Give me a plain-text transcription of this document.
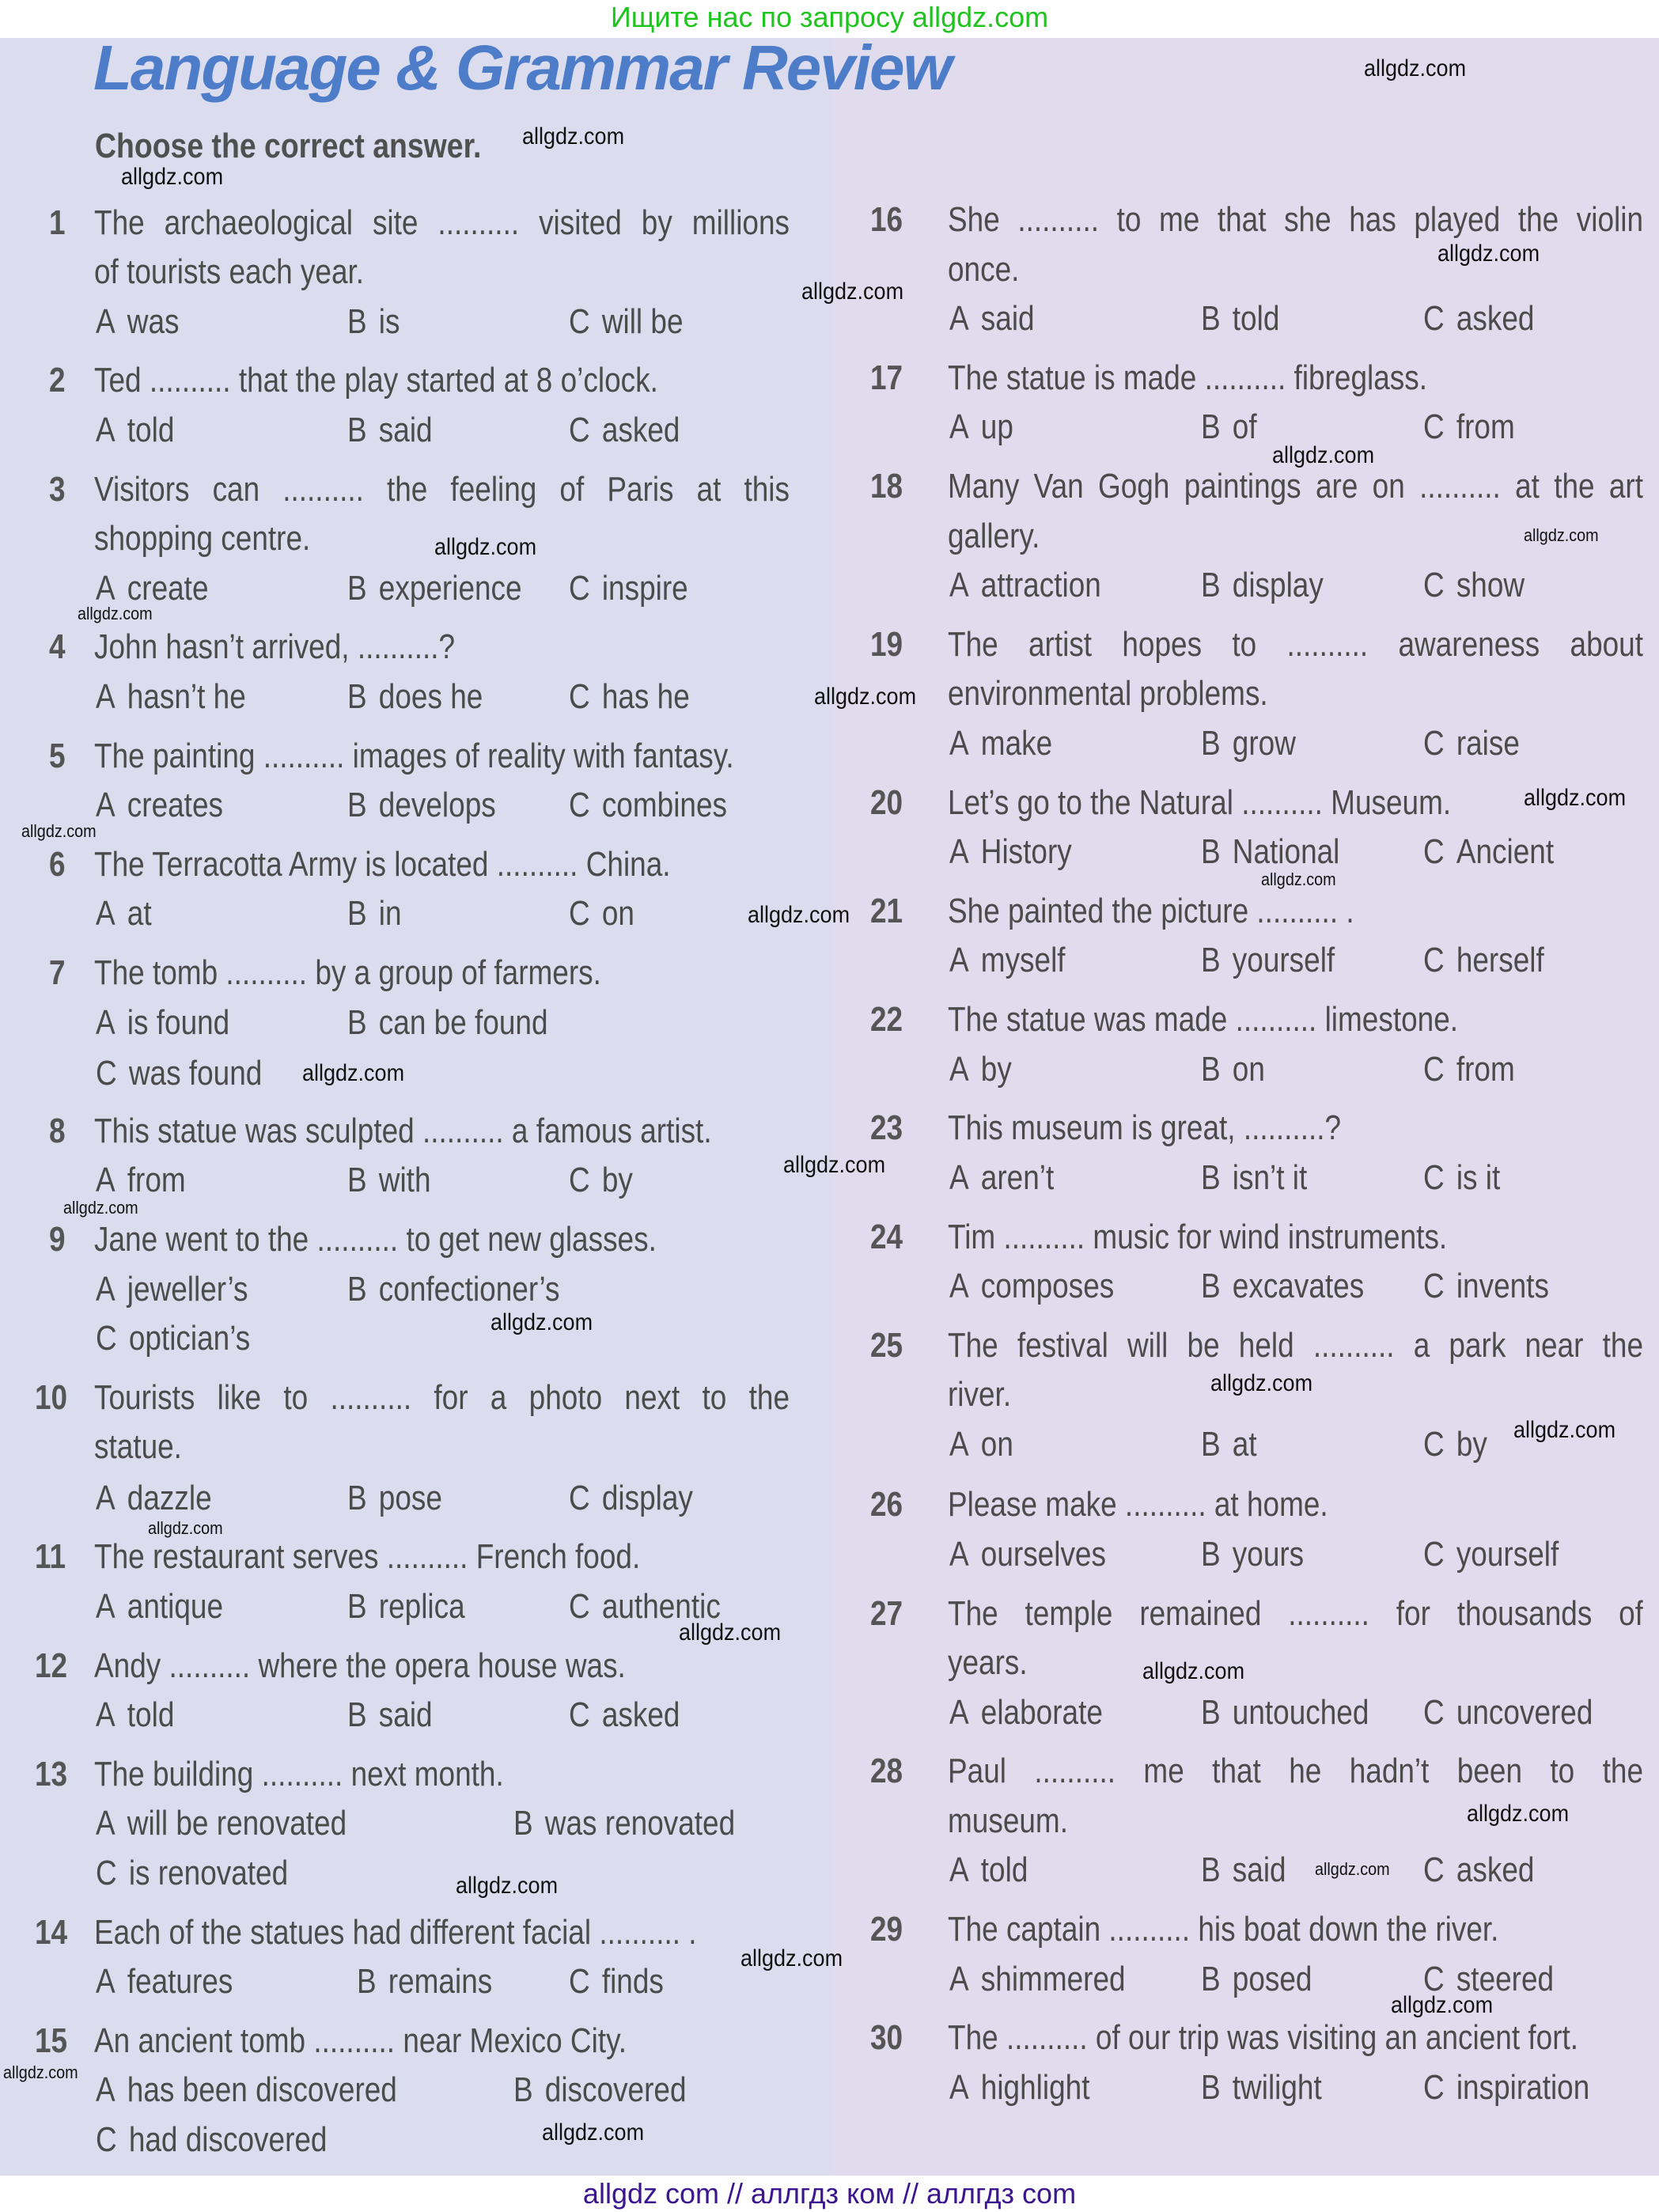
Ищите нас по запросу allgdz.com
Language & Grammar Review
Choose the correct answer.
1 The archaeological site .......... visited by millions
of tourists each year.
A was	B is	C will be
2 Ted .......... that the play started at 8 o’clock.
A told	B said	C asked
3 Visitors can .......... the feeling of Paris at this
shopping centre.
A create	B experience C inspire
4 John hasn’t arrived, ..........?
A hasn’t he	B does he C has he
5 The painting .......... images of reality with fantasy.
A creates	B develops C combines
6 The Terracotta Army is located .......... China.
A at	B in	C on
7 The tomb .......... by a group of farmers.
A is found	B can be found
C was found
8 This statue was sculpted .......... a famous artist.
A from	B with	C by
9 Jane went to the .......... to get new glasses.
A jeweller’s	B confectioner’s
C optician’s
10 Tourists like to .......... for a photo next to the
statue.
A dazzle	B pose	C display
11 The restaurant serves .......... French food.
A antique	B replica	C authentic
12 Andy .......... where the opera house was.
A told	B said	C asked
13 The building .......... next month.
A will be renovated	B was renovated
C is renovated
14 Each of the statues had different facial .......... .
A features	B remains C finds
15 An ancient tomb .......... near Mexico City.
A has been discovered	B discovered
C had discovered
16 She .......... to me that she has played the violin
once.
A said	B told	C asked
17 The statue is made .......... fibreglass.
A up	B of	C from
18 Many Van Gogh paintings are on .......... at the art
gallery.
A attraction	B display	C show
19 The artist hopes to .......... awareness about
environmental problems.
A make	B grow	C raise
20 Let’s go to the Natural .......... Museum.
A History	B National C Ancient
21 She painted the picture .......... .
A myself	B yourself	C herself
22 The statue was made .......... limestone.
A by	B on	C from
23 This museum is great, ..........?
A aren’t	B isn’t it	C is it
24 Tim .......... music for wind instruments.
A composes B excavates C invents
25 The festival will be held .......... a park near the
river.
A on	B at	C by
26 Please make .......... at home.
A ourselves	B yours	C yourself
27 The temple remained .......... for thousands of
years.
A elaborate	B untouched C uncovered
28 Paul .......... me that he hadn’t been to the
museum.
A told	B said	C asked
29 The captain .......... his boat down the river.
A shimmered B posed	C steered
30 The .......... of our trip was visiting an ancient fort.
A highlight	B twilight	C inspiration
allgdz.com
allgdz.com
allgdz.com
allgdz.com
allgdz.com
allgdz.com
allgdz.com
allgdz.com
allgdz.com
allgdz.com
allgdz.com
allgdz.com
allgdz.com
allgdz.com
allgdz.com
allgdz.com
allgdz.com
allgdz.com
allgdz.com
allgdz.com
allgdz.com
allgdz.com
allgdz.com
allgdz.com
allgdz.com
allgdz.com
allgdz.com
allgdz.com
allgdz.com
allgdz.com
allgdz com // аллгдз ком // аллгдз com
